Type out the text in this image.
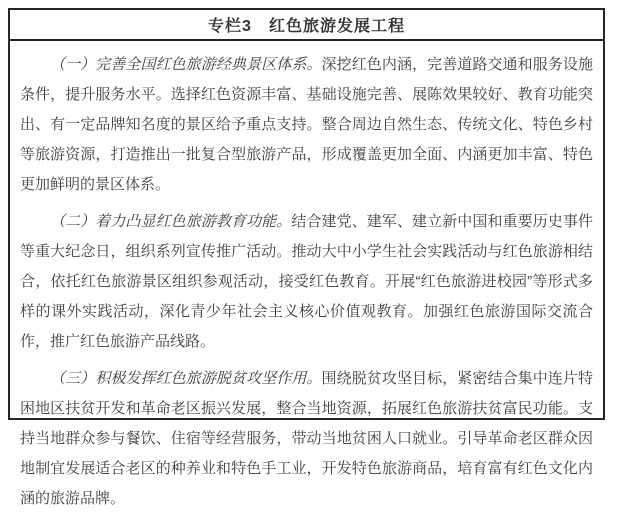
专栏3　红色旅游发展工程

（一）完善全国红色旅游经典景区体系。深挖红色内涵，完善道路交通和服务设施条件，提升服务水平。选择红色资源丰富、基础设施完善、展陈效果较好、教育功能突出、有一定品牌知名度的景区给予重点支持。整合周边自然生态、传统文化、特色乡村等旅游资源，打造推出一批复合型旅游产品，形成覆盖更加全面、内涵更加丰富、特色更加鲜明的景区体系。

（二）着力凸显红色旅游教育功能。结合建党、建军、建立新中国和重要历史事件等重大纪念日，组织系列宣传推广活动。推动大中小学生社会实践活动与红色旅游相结合，依托红色旅游景区组织参观活动，接受红色教育。开展“红色旅游进校园”等形式多样的课外实践活动，深化青少年社会主义核心价值观教育。加强红色旅游国际交流合作，推广红色旅游产品线路。

（三）积极发挥红色旅游脱贫攻坚作用。围绕脱贫攻坚目标，紧密结合集中连片特困地区扶贫开发和革命老区振兴发展，整合当地资源，拓展红色旅游扶贫富民功能。支持当地群众参与餐饮、住宿等经营服务，带动当地贫困人口就业。引导革命老区群众因地制宜发展适合老区的种养业和特色手工业，开发特色旅游商品，培育富有红色文化内涵的旅游品牌。
